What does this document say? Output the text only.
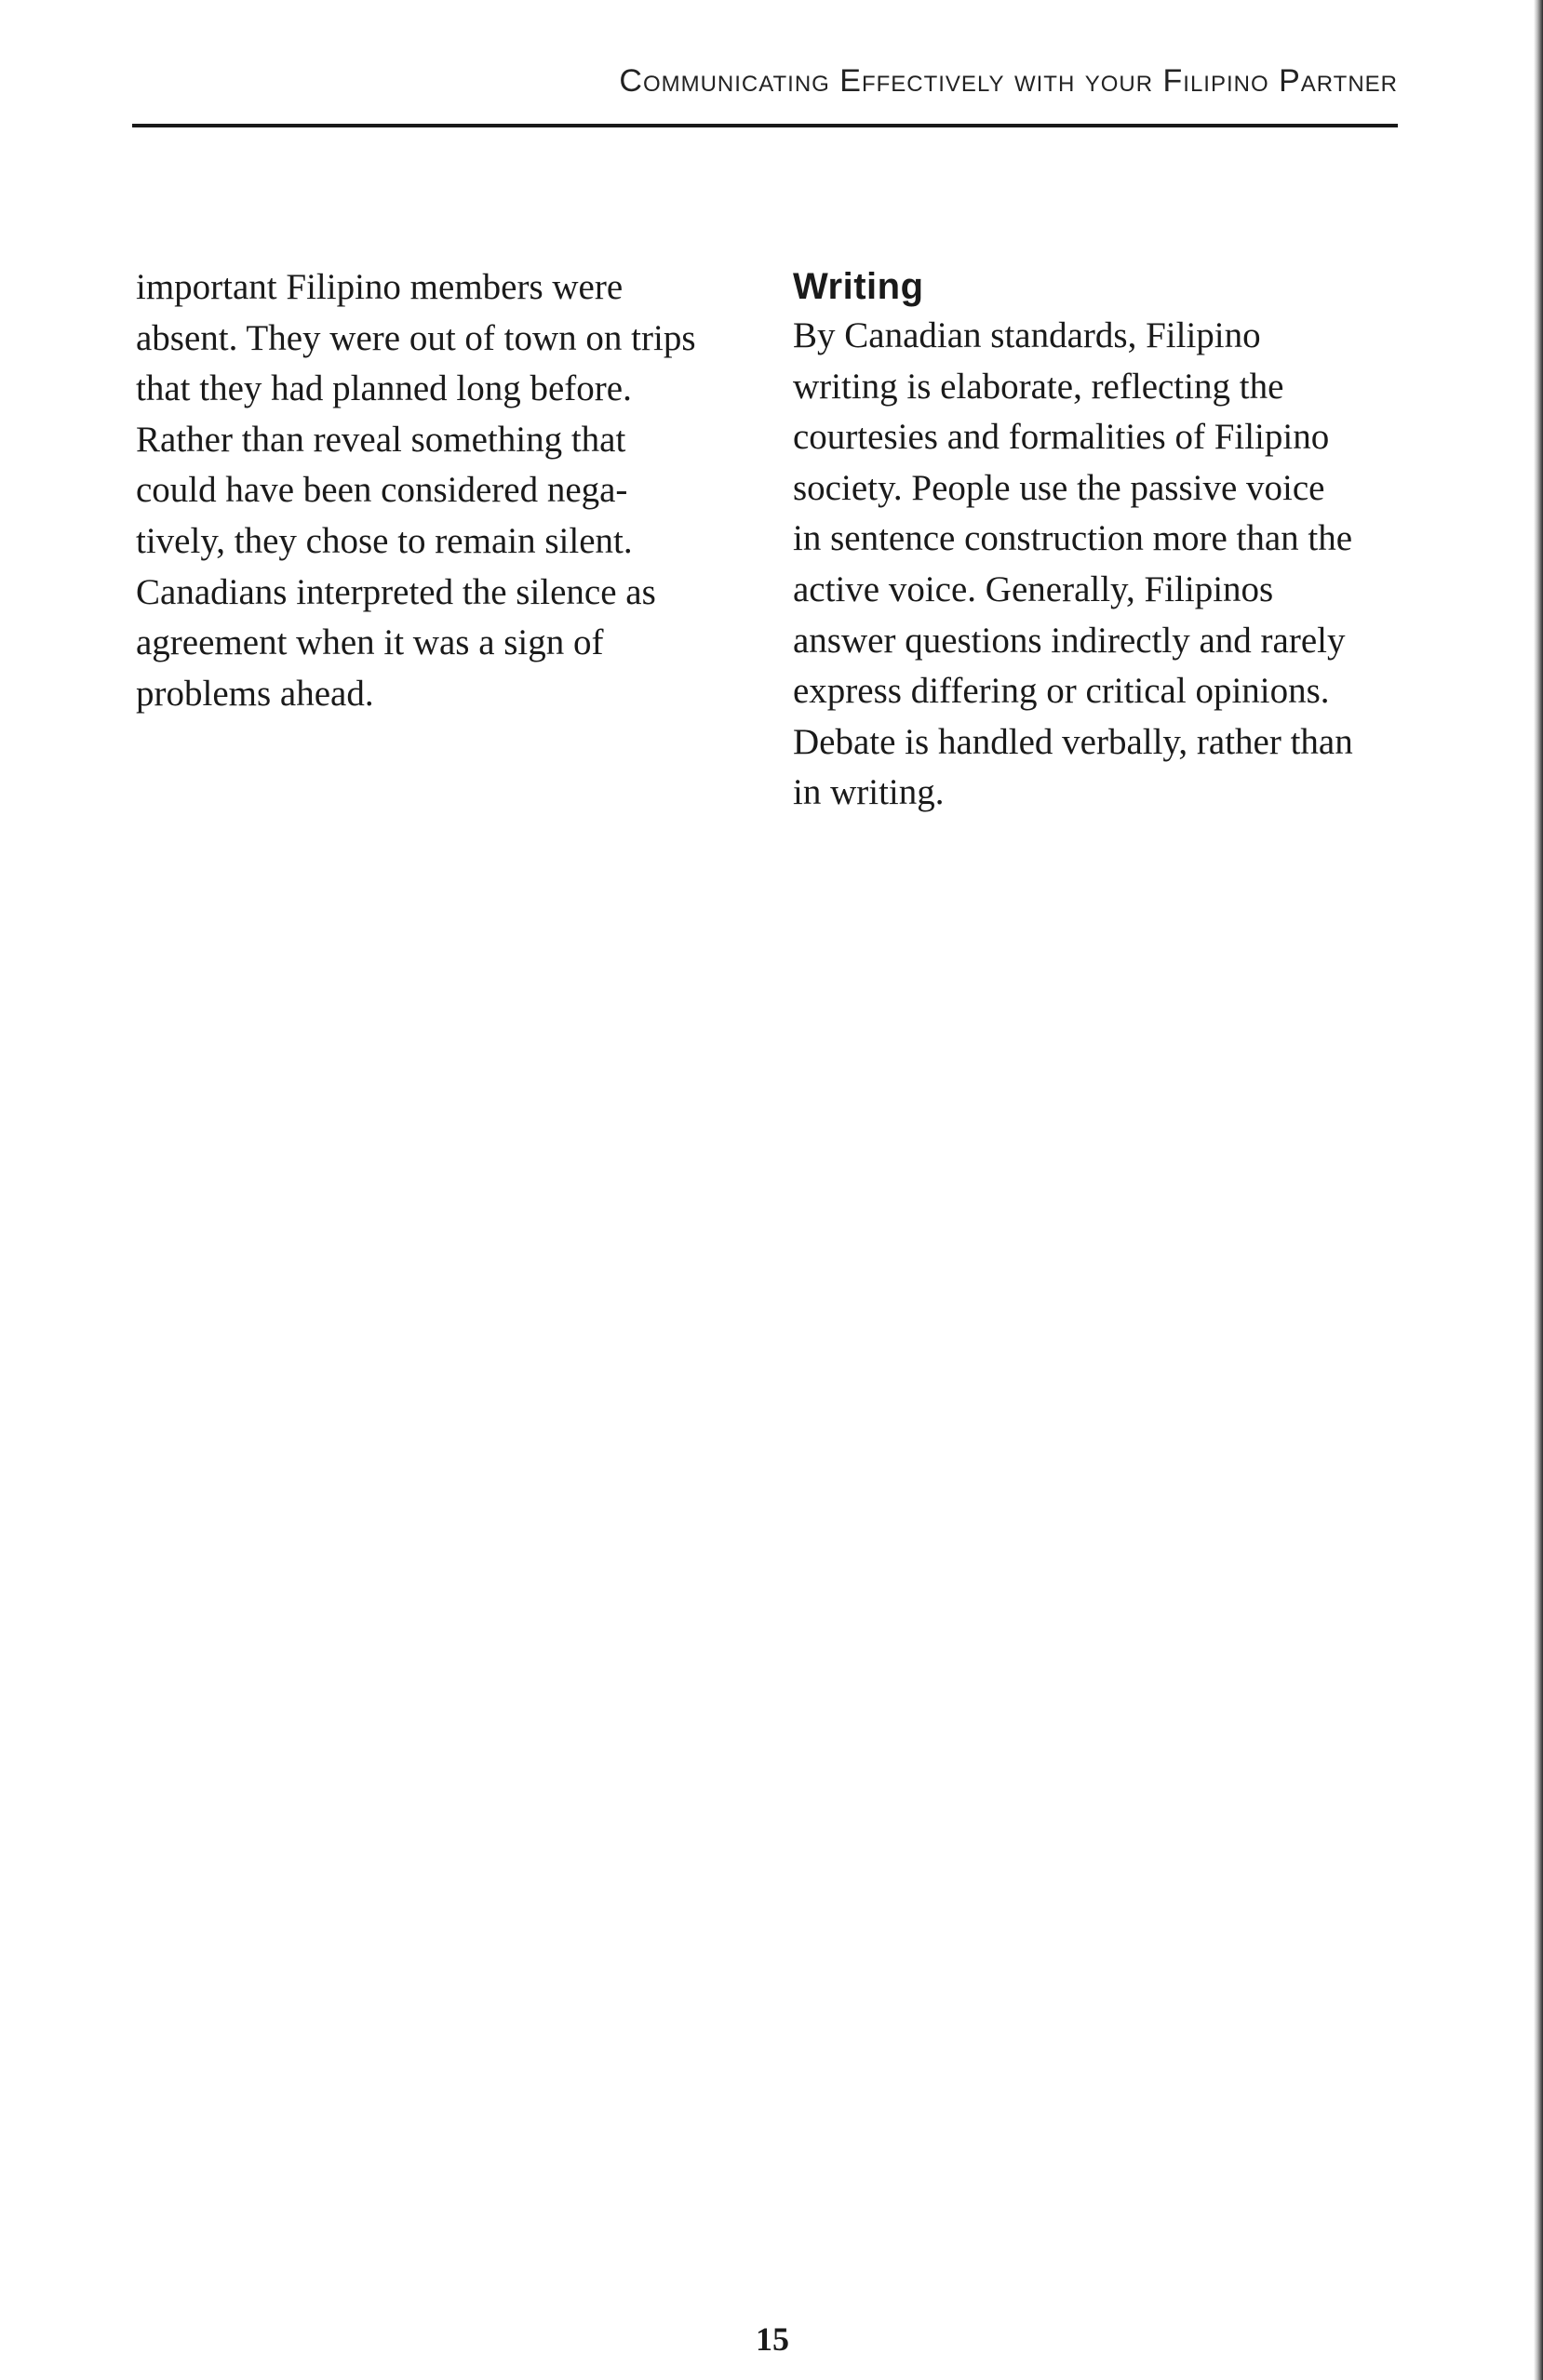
Communicating Effectively with your Filipino Partner

important Filipino members were
absent. They were out of town on trips
that they had planned long before.
Rather than reveal something that
could have been considered nega-
tively, they chose to remain silent.
Canadians interpreted the silence as
agreement when it was a sign of
problems ahead.

Writing

By Canadian standards, Filipino
writing is elaborate, reflecting the
courtesies and formalities of Filipino
society. People use the passive voice
in sentence construction more than the
active voice. Generally, Filipinos
answer questions indirectly and rarely
express differing or critical opinions.
Debate is handled verbally, rather than
in writing.

15
